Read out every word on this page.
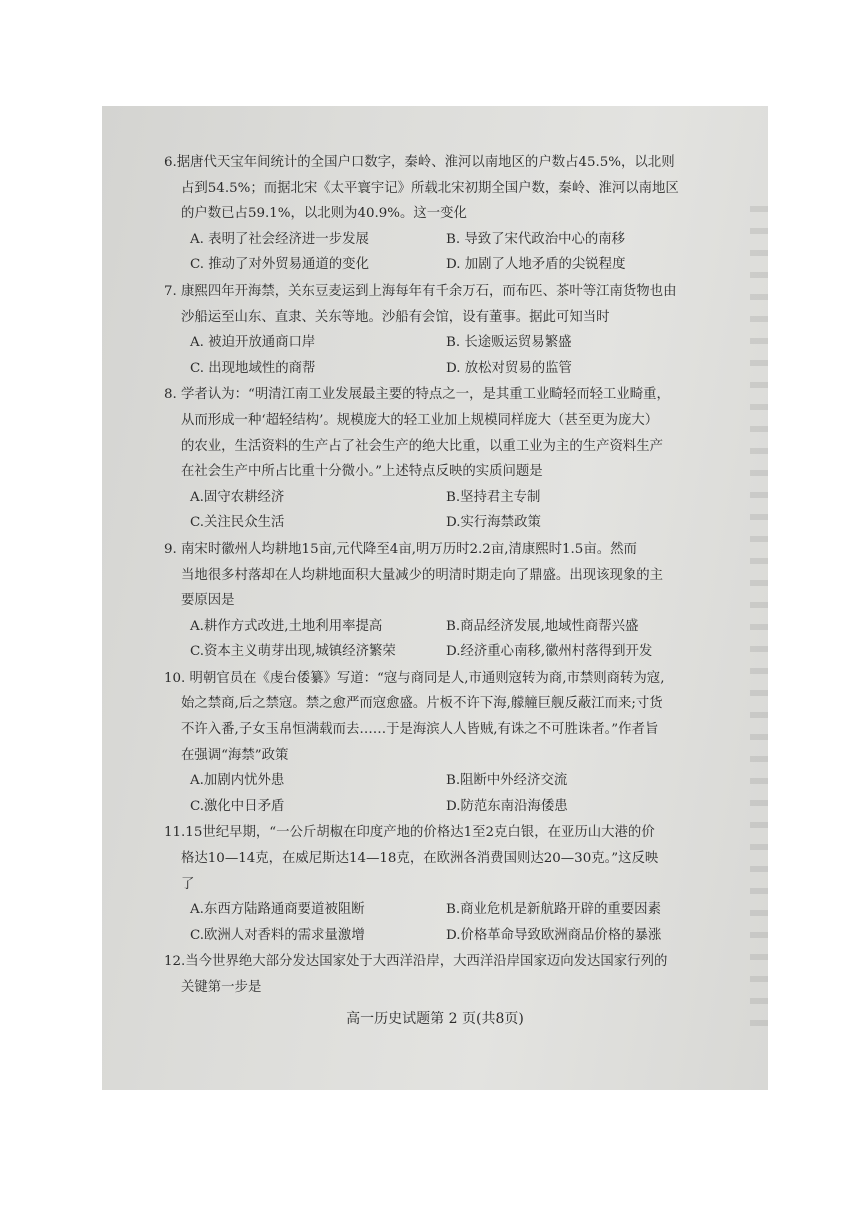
6.据唐代天宝年间统计的全国户口数字，秦岭、淮河以南地区的户数占45.5%，以北则
占到54.5%；而据北宋《太平寰宇记》所载北宋初期全国户数，秦岭、淮河以南地区
的户数已占59.1%，以北则为40.9%。这一变化
A. 表明了社会经济进一步发展	B. 导致了宋代政治中心的南移
C. 推动了对外贸易通道的变化	D. 加剧了人地矛盾的尖锐程度
7. 康熙四年开海禁，关东豆麦运到上海每年有千余万石，而布匹、茶叶等江南货物也由
沙船运至山东、直隶、关东等地。沙船有会馆，设有董事。据此可知当时
A. 被迫开放通商口岸	B. 长途贩运贸易繁盛
C. 出现地域性的商帮	D. 放松对贸易的监管
8. 学者认为：“明清江南工业发展最主要的特点之一，是其重工业畸轻而轻工业畸重，
从而形成一种‘超轻结构’。规模庞大的轻工业加上规模同样庞大（甚至更为庞大）
的农业，生活资料的生产占了社会生产的绝大比重，以重工业为主的生产资料生产
在社会生产中所占比重十分微小。”上述特点反映的实质问题是
A.固守农耕经济	B.坚持君主专制
C.关注民众生活	D.实行海禁政策
9. 南宋时徽州人均耕地15亩,元代降至4亩,明万历时2.2亩,清康熙时1.5亩。然而
当地很多村落却在人均耕地面积大量减少的明清时期走向了鼎盛。出现该现象的主
要原因是
A.耕作方式改进,土地利用率提高	B.商品经济发展,地域性商帮兴盛
C.资本主义萌芽出现,城镇经济繁荣	D.经济重心南移,徽州村落得到开发
10. 明朝官员在《虔台倭纂》写道：“寇与商同是人,市通则寇转为商,市禁则商转为寇,
始之禁商,后之禁寇。禁之愈严而寇愈盛。片板不许下海,艨艟巨舰反蔽江而来;寸货
不许入番,子女玉帛恒满载而去……于是海滨人人皆贼,有诛之不可胜诛者。”作者旨
在强调“海禁”政策
A.加剧内忧外患	B.阻断中外经济交流
C.激化中日矛盾	D.防范东南沿海倭患
11.15世纪早期，“一公斤胡椒在印度产地的价格达1至2克白银，在亚历山大港的价
格达10—14克，在威尼斯达14—18克，在欧洲各消费国则达20—30克。”这反映
了
A.东西方陆路通商要道被阻断	B.商业危机是新航路开辟的重要因素
C.欧洲人对香料的需求量激增	D.价格革命导致欧洲商品价格的暴涨
12.当今世界绝大部分发达国家处于大西洋沿岸，大西洋沿岸国家迈向发达国家行列的
关键第一步是
高一历史试题第 2 页(共8页)
